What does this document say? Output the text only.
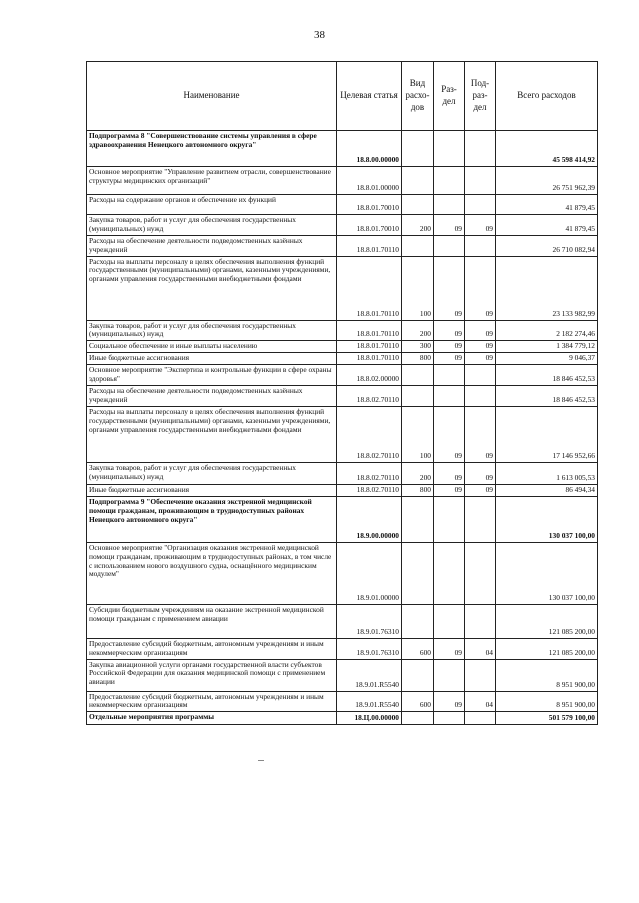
38
Наименование	Целевая статья	Вид расхо- дов	Раз- дел	Под- раз- дел	Всего расходов
Подпрограмма 8 "Совершенствование системы управления в сфере здравоохранения Ненецкого автономного округа"	18.8.00.00000				45 598 414,92
Основное мероприятие "Управление развитием отрасли, совершенствование структуры медицинских организаций"	18.8.01.00000				26 751 962,39
Расходы на содержание органов и обеспечение их функций	18.8.01.70010				41 879,45
Закупка товаров, работ и услуг для обеспечения государственных (муниципальных) нужд	18.8.01.70010	200	09	09	41 879,45
Расходы на обеспечение деятельности подведомственных казённых учреждений	18.8.01.70110				26 710 082,94
Расходы на выплаты персоналу в целях обеспечения выполнения функций государственными (муниципальными) органами, казенными учреждениями, органами управления государственными внебюджетными фондами	18.8.01.70110	100	09	09	23 133 982,99
Закупка товаров, работ и услуг для обеспечения государственных (муниципальных) нужд	18.8.01.70110	200	09	09	2 182 274,46
Социальное обеспечение и иные выплаты населению	18.8.01.70110	300	09	09	1 384 779,12
Иные бюджетные ассигнования	18.8.01.70110	800	09	09	9 046,37
Основное мероприятие "Экспертиза и контрольные функции в сфере охраны здоровья"	18.8.02.00000				18 846 452,53
Расходы на обеспечение деятельности подведомственных казённых учреждений	18.8.02.70110				18 846 452,53
Расходы на выплаты персоналу в целях обеспечения выполнения функций государственными (муниципальными) органами, казенными учреждениями, органами управления государственными внебюджетными фондами	18.8.02.70110	100	09	09	17 146 952,66
Закупка товаров, работ и услуг для обеспечения государственных (муниципальных) нужд	18.8.02.70110	200	09	09	1 613 005,53
Иные бюджетные ассигнования	18.8.02.70110	800	09	09	86 494,34
Подпрограмма 9 "Обеспечение оказания экстренной медицинской помощи гражданам, проживающим в труднодоступных районах Ненецкого автономного округа"	18.9.00.00000				130 037 100,00
Основное мероприятие "Организация оказания экстренной медицинской помощи гражданам, проживающим в труднодоступных районах, в том числе с использованием нового воздушного судна, оснащённого медицинским модулем"	18.9.01.00000				130 037 100,00
Субсидии бюджетным учреждениям на оказание экстренной медицинской помощи гражданам с применением авиации	18.9.01.76310				121 085 200,00
Предоставление субсидий бюджетным, автономным учреждениям и иным некоммерческим организациям	18.9.01.76310	600	09	04	121 085 200,00
Закупка авиационной услуги органами государственной власти субъектов Российской Федерации для оказания медицинской помощи с применением авиации	18.9.01.R5540				8 951 900,00
Предоставление субсидий бюджетным, автономным учреждениям и иным некоммерческим организациям	18.9.01.R5540	600	09	04	8 951 900,00
Отдельные мероприятия программы	18.Ц.00.00000				501 579 100,00
